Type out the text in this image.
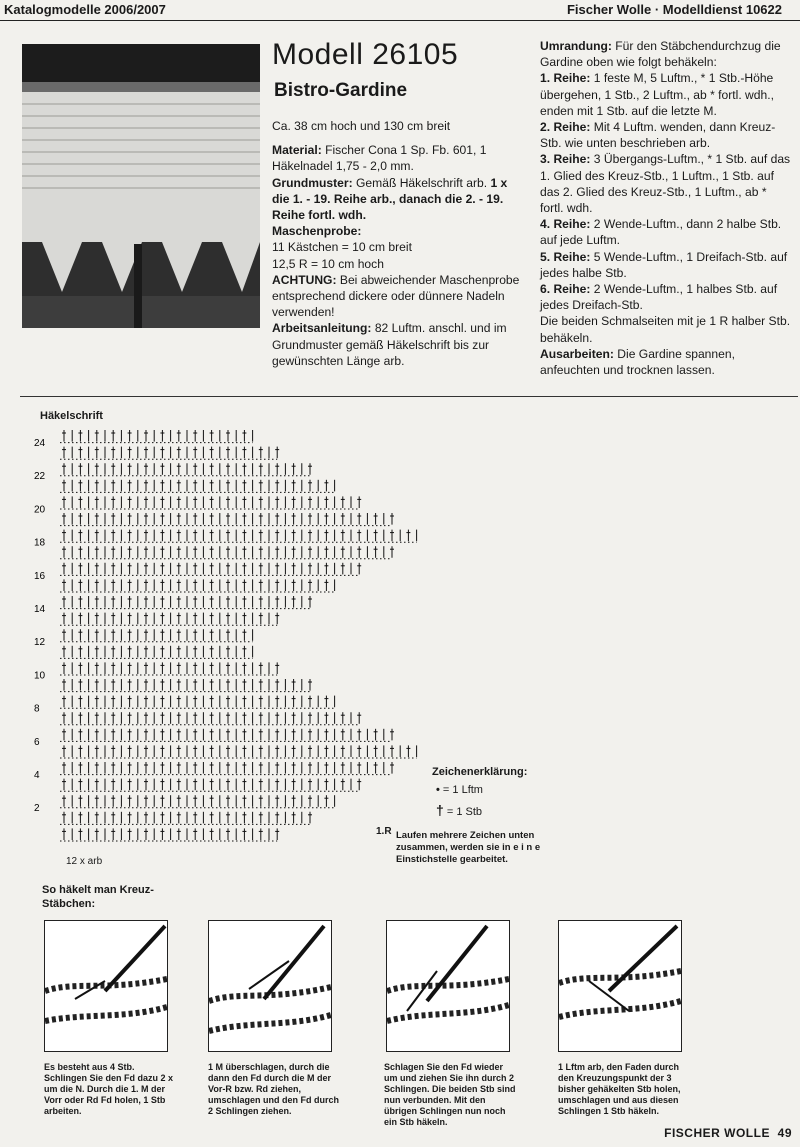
Katalogmodelle 2006/2007	Fischer Wolle · Modelldienst 10622
Modell 26105
Bistro-Gardine

Ca. 38 cm hoch und 130 cm breit

Material: Fischer Cona 1 Sp. Fb. 601, 1 Häkelnadel 1,75 - 2,0 mm.

Grundmuster: Gemäß Häkelschrift arb. 1 x die 1. - 19. Reihe arb., danach die 2. - 19. Reihe fortl. wdh.

Maschenprobe:

11 Kästchen = 10 cm breit

12,5 R = 10 cm hoch

ACHTUNG: Bei abweichender Maschenprobe entsprechend dickere oder dünnere Nadeln verwenden!

Arbeitsanleitung: 82 Luftm. anschl. und im Grundmuster gemäß Häkelschrift bis zur gewünschten Länge arb.

Umrandung: Für den Stäbchendurchzug die Gardine oben wie folgt behäkeln:

1. Reihe: 1 feste M, 5 Luftm., * 1 Stb.-Höhe übergehen, 1 Stb., 2 Luftm., ab * fortl. wdh., enden mit 1 Stb. auf die letzte M.

2. Reihe: Mit 4 Luftm. wenden, dann Kreuz-Stb. wie unten beschrieben arb.

3. Reihe: 3 Übergangs-Luftm., * 1 Stb. auf das 1. Glied des Kreuz-Stb., 1 Luftm., 1 Stb. auf das 2. Glied des Kreuz-Stb., 1 Luftm., ab * fortl. wdh.

4. Reihe: 2 Wende-Luftm., dann 2 halbe Stb. auf jede Luftm.

5. Reihe: 5 Wende-Luftm., 1 Dreifach-Stb. auf jedes halbe Stb.

6. Reihe: 2 Wende-Luftm., 1 halbes Stb. auf jedes Dreifach-Stb.

Die beiden Schmalseiten mit je 1 R halber Stb. behäkeln.

Ausarbeiten: Die Gardine spannen, anfeuchten und trocknen lassen.

Häkelschrift
24
22
20
18
16
14
12
10
8
6
4
2
12 x arb
1.R
Zeichenerklärung:
• = 1 Lftm
† = 1 Stb
Laufen mehrere Zeichen unten zusammen, werden sie in e i n e Einstichstelle gearbeitet.
So häkelt man Kreuz-Stäbchen:
Es besteht aus 4 Stb. Schlingen Sie den Fd dazu 2 x um die N. Durch die 1. M der Vorr oder Rd Fd holen, 1 Stb arbeiten.
1 M überschlagen, durch die dann den Fd durch die M der Vor-R bzw. Rd ziehen, umschlagen und den Fd durch 2 Schlingen ziehen.
Schlagen Sie den Fd wieder um und ziehen Sie ihn durch 2 Schlingen. Die beiden Stb sind nun verbunden. Mit den übrigen Schlingen nun noch ein Stb häkeln.
1 Lftm arb, den Faden durch den Kreuzungspunkt der 3 bisher gehäkelten Stb holen, umschlagen und aus diesen Schlingen 1 Stb häkeln.
FISCHER WOLLE 49
